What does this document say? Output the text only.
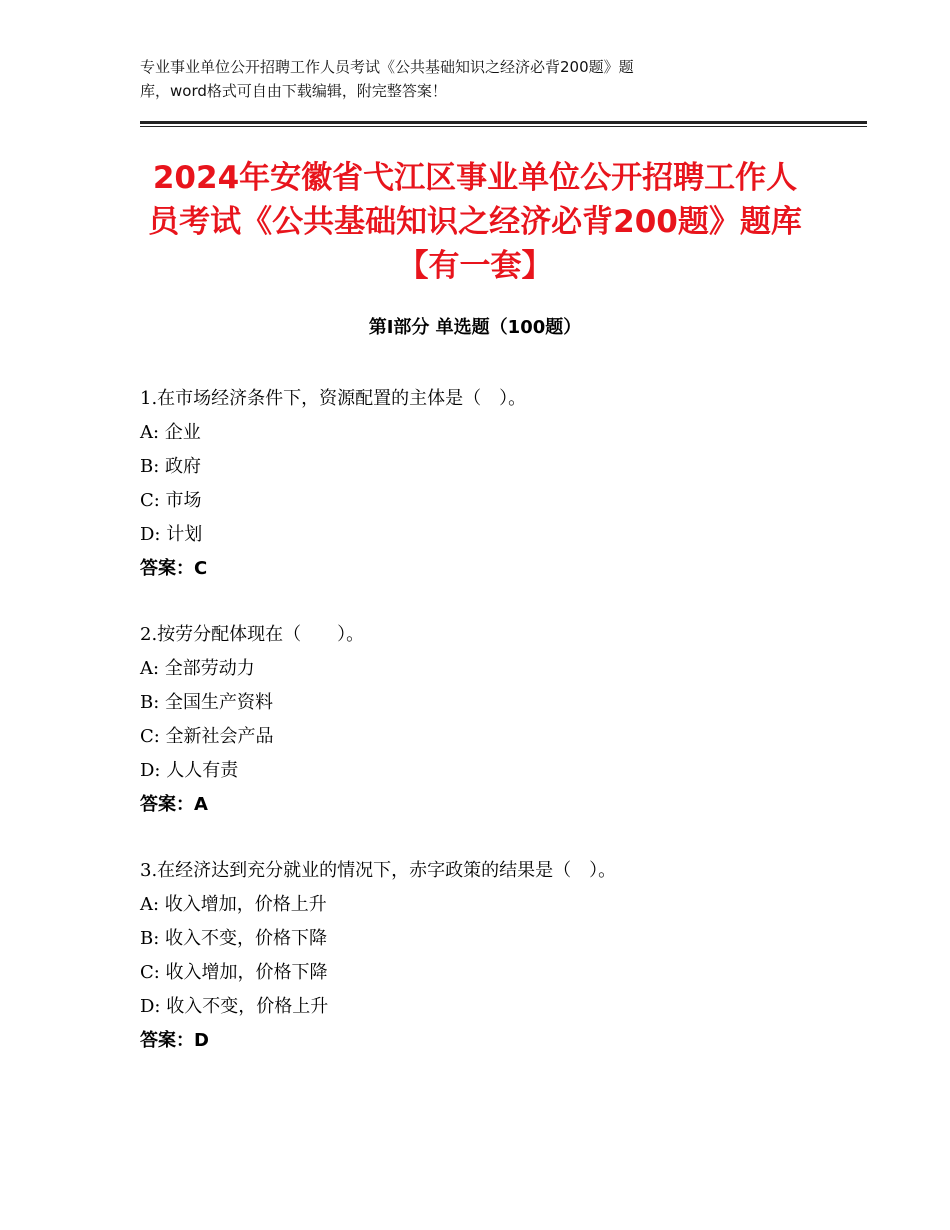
专业事业单位公开招聘工作人员考试《公共基础知识之经济必背200题》题
库，word格式可自由下载编辑，附完整答案！
2024年安徽省弋江区事业单位公开招聘工作人员考试《公共基础知识之经济必背200题》题库【有一套】
第Ⅰ部分 单选题（100题）
1.在市场经济条件下，资源配置的主体是（　）。
A: 企业
B: 政府
C: 市场
D: 计划
答案：C
2.按劳分配体现在（　　）。
A: 全部劳动力
B: 全国生产资料
C: 全新社会产品
D: 人人有责
答案：A
3.在经济达到充分就业的情况下，赤字政策的结果是（　）。
A: 收入增加，价格上升
B: 收入不变，价格下降
C: 收入增加，价格下降
D: 收入不变，价格上升
答案：D
